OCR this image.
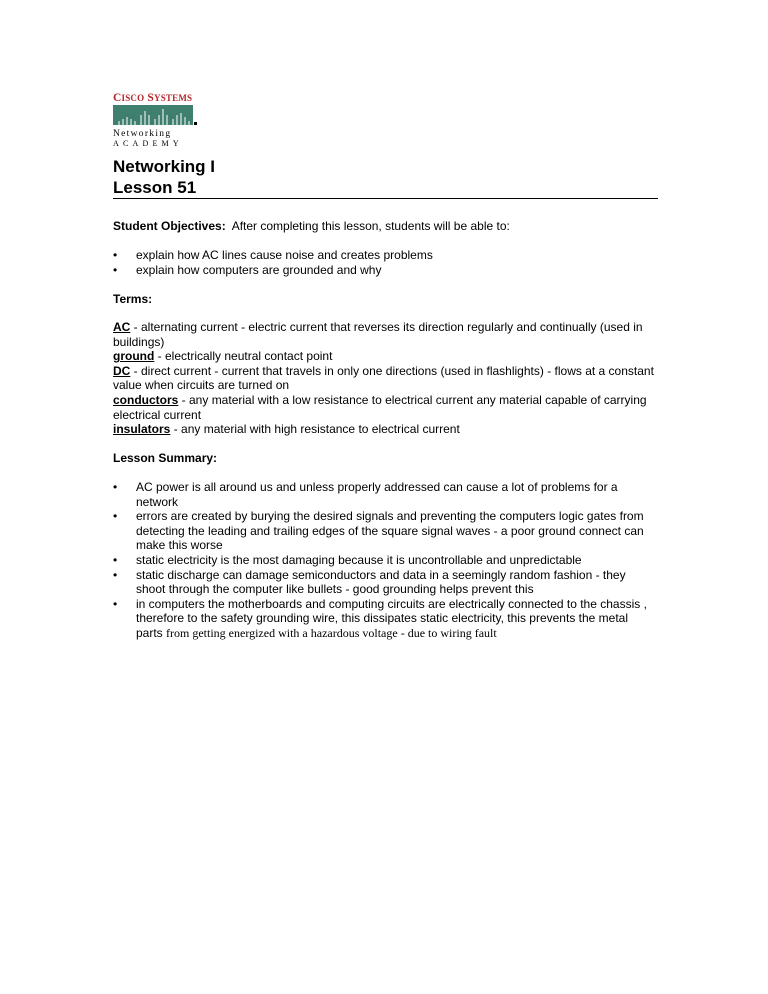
CISCO SYSTEMS
Networking
ACADEMY
Networking I
Lesson 51
Student Objectives:  After completing this lesson, students will be able to:
• explain how AC lines cause noise and creates problems
• explain how computers are grounded and why
Terms:
AC - alternating current - electric current that reverses its direction regularly and continually (used in buildings)
ground - electrically neutral contact point
DC - direct current - current that travels in only one directions (used in flashlights) - flows at a constant value when circuits are turned on
conductors - any material with a low resistance to electrical current any material capable of carrying electrical current
insulators - any material with high resistance to electrical current
Lesson Summary:
• AC power is all around us and unless properly addressed can cause a lot of problems for a network
• errors are created by burying the desired signals and preventing the computers logic gates from detecting the leading and trailing edges of the square signal waves - a poor ground connect can make this worse
• static electricity is the most damaging because it is uncontrollable and unpredictable
• static discharge can damage semiconductors and data in a seemingly random fashion - they shoot through the computer like bullets - good grounding helps prevent this
• in computers the motherboards and computing circuits are electrically connected to the chassis , therefore to the safety grounding wire, this dissipates static electricity, this prevents the metal parts from getting energized with a hazardous voltage - due to wiring fault
